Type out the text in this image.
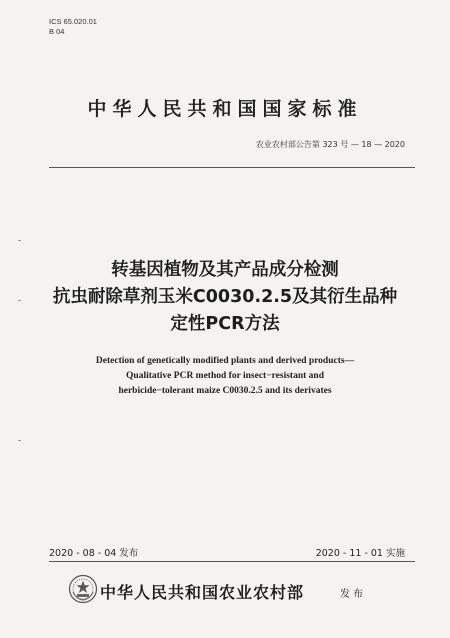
ICS 65.020.01
B 04
中华人民共和国国家标准
农业农村部公告第 323 号 — 18 — 2020
转基因植物及其产品成分检测
抗虫耐除草剂玉米C0030.2.5及其衍生品种
定性PCR方法
Detection of genetically modified plants and derived products—
Qualitative PCR method for insect−resistant and
herbicide−tolerant maize C0030.2.5 and its derivates
2020 - 08 - 04 发布	2020 - 11 - 01 实施
中华人民共和国农业农村部	发布
